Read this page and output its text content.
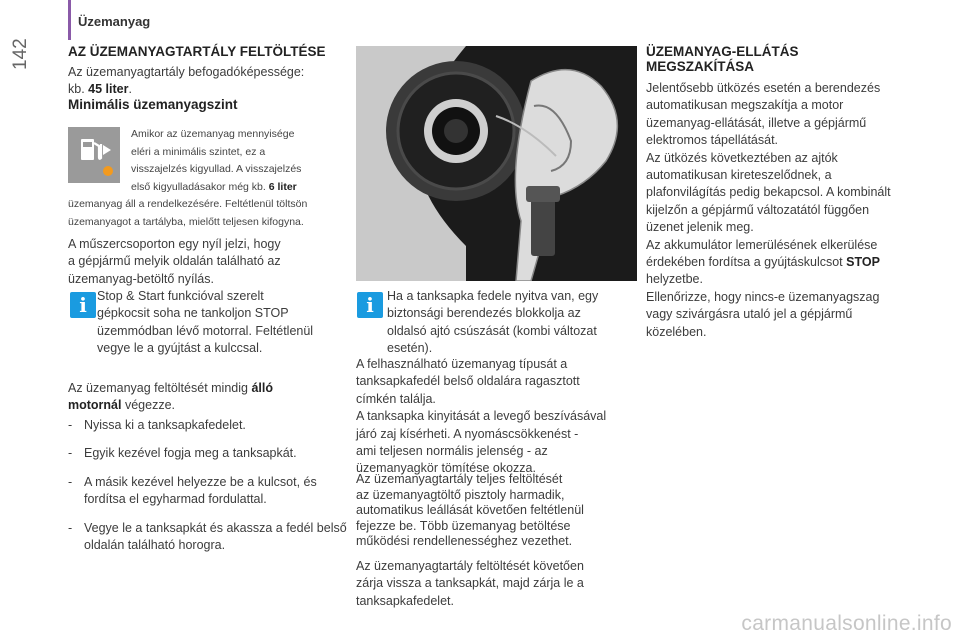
Üzemanyag
142	AZ ÜZEMANYAGTARTÁLY FELTÖLTÉSE
Az üzemanyagtartály befogadóképessége:
kb. 45 liter.
Minimális üzemanyagszint
Amikor az üzemanyag mennyisége
eléri a minimális szintet, ez a
visszajelzés kigyullad. A visszajelzés
első kigyulladásakor még kb. 6 liter
üzemanyag áll a rendelkezésére. Feltétlenül töltsön
üzemanyagot a tartályba, mielőtt teljesen kifogyna.
A műszercsoporton egy nyíl jelzi, hogy
a gépjármű melyik oldalán található az
üzemanyag-betöltő nyílás.
i Stop & Start funkcióval szerelt
gépkocsit soha ne tankoljon STOP
üzemmódban lévő motorral. Feltétlenül
vegye le a gyújtást a kulccsal.
Az üzemanyag feltöltését mindig álló
motornál végezze.
- Nyissa ki a tanksapkafedelet.
- Egyik kezével fogja meg a tanksapkát.
- A másik kezével helyezze be a kulcsot, és fordítsa el egyharmad fordulattal.
- Vegye le a tanksapkát és akassza a fedél belső oldalán található horogra.
i	Ha a tanksapka fedele nyitva van, egy
biztonsági berendezés blokkolja az
oldalsó ajtó csúszását (kombi változat
esetén).
A felhasználható üzemanyag típusát a
tanksapkafedél belső oldalára ragasztott
címkén találja.
A tanksapka kinyitását a levegő beszívásával
járó zaj kísérheti. A nyomáscsökkenést -
ami teljesen normális jelenség - az
üzemanyagkör tömítése okozza.
Az üzemanyagtartály teljes feltöltését
az üzemanyagtöltő pisztoly harmadik,
automatikus leállását követően feltétlenül
fejezze be. Több üzemanyag betöltése
működési rendellenességhez vezethet.
Az üzemanyagtartály feltöltését követően
zárja vissza a tanksapkát, majd zárja le a
tanksapkafedelet.
ÜZEMANYAG-ELLÁTÁS
MEGSZAKÍTÁSA
Jelentősebb ütközés esetén a berendezés
automatikusan megszakítja a motor
üzemanyag-ellátását, illetve a gépjármű
elektromos tápellátását.
Az ütközés következtében az ajtók
automatikusan kireteszelődnek, a
plafonvilágítás pedig bekapcsol. A kombinált
kijelzőn a gépjármű változatától függően
üzenet jelenik meg.
Az akkumulátor lemerülésének elkerülése
érdekében fordítsa a gyújtáskulcsot STOP
helyzetbe.
Ellenőrizze, hogy nincs-e üzemanyagszag
vagy szivárgásra utaló jel a gépjármű
közelében.
carmanualsonline.info
